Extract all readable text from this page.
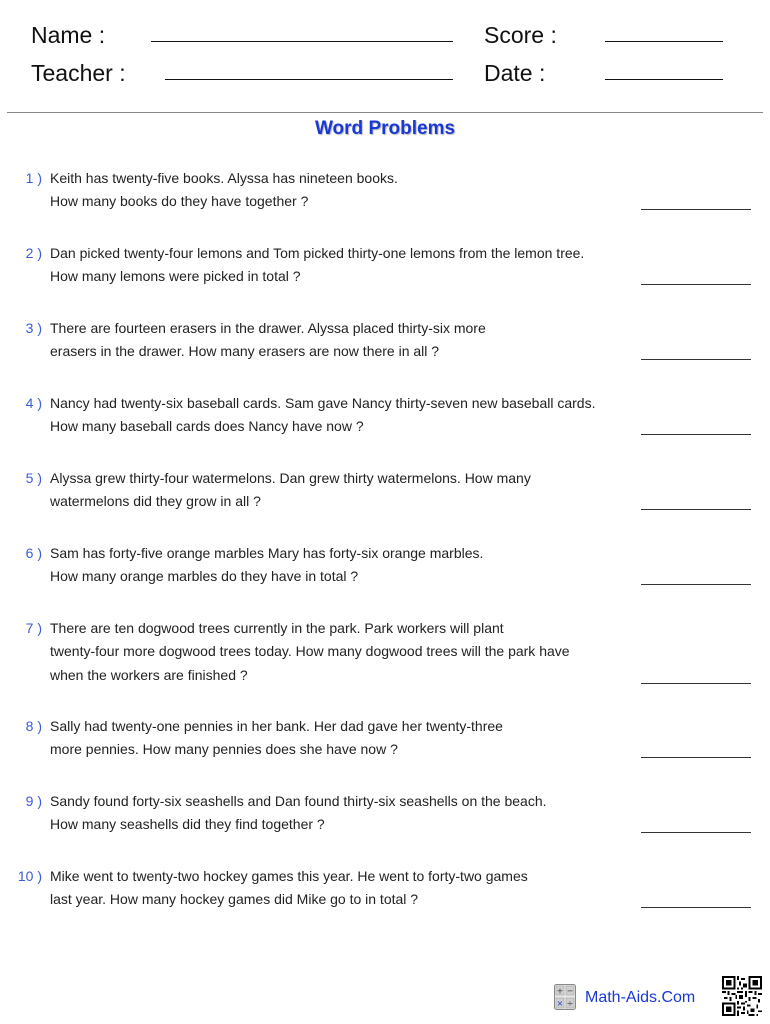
Name :
Teacher :
Score :
Date :
Word Problems
1 ) Keith has twenty-five books. Alyssa has nineteen books.
How many books do they have together ?
2 ) Dan picked twenty-four lemons and Tom picked thirty-one lemons from the lemon tree.
How many lemons were picked in total ?
3 ) There are fourteen erasers in the drawer. Alyssa placed thirty-six more
erasers in the drawer. How many erasers are now there in all ?
4 ) Nancy had twenty-six baseball cards. Sam gave Nancy thirty-seven new baseball cards.
How many baseball cards does Nancy have now ?
5 ) Alyssa grew thirty-four watermelons. Dan grew thirty watermelons. How many
watermelons did they grow in all ?
6 ) Sam has forty-five orange marbles Mary has forty-six orange marbles.
How many orange marbles do they have in total ?
7 ) There are ten dogwood trees currently in the park. Park workers will plant
twenty-four more dogwood trees today. How many dogwood trees will the park have
when the workers are finished ?
8 ) Sally had twenty-one pennies in her bank. Her dad gave her twenty-three
more pennies. How many pennies does she have now ?
9 ) Sandy found forty-six seashells and Dan found thirty-six seashells on the beach.
How many seashells did they find together ?
10 ) Mike went to twenty-two hockey games this year. He went to forty-two games
last year. How many hockey games did Mike go to in total ?
+ −
× ÷ Math-Aids.Com
